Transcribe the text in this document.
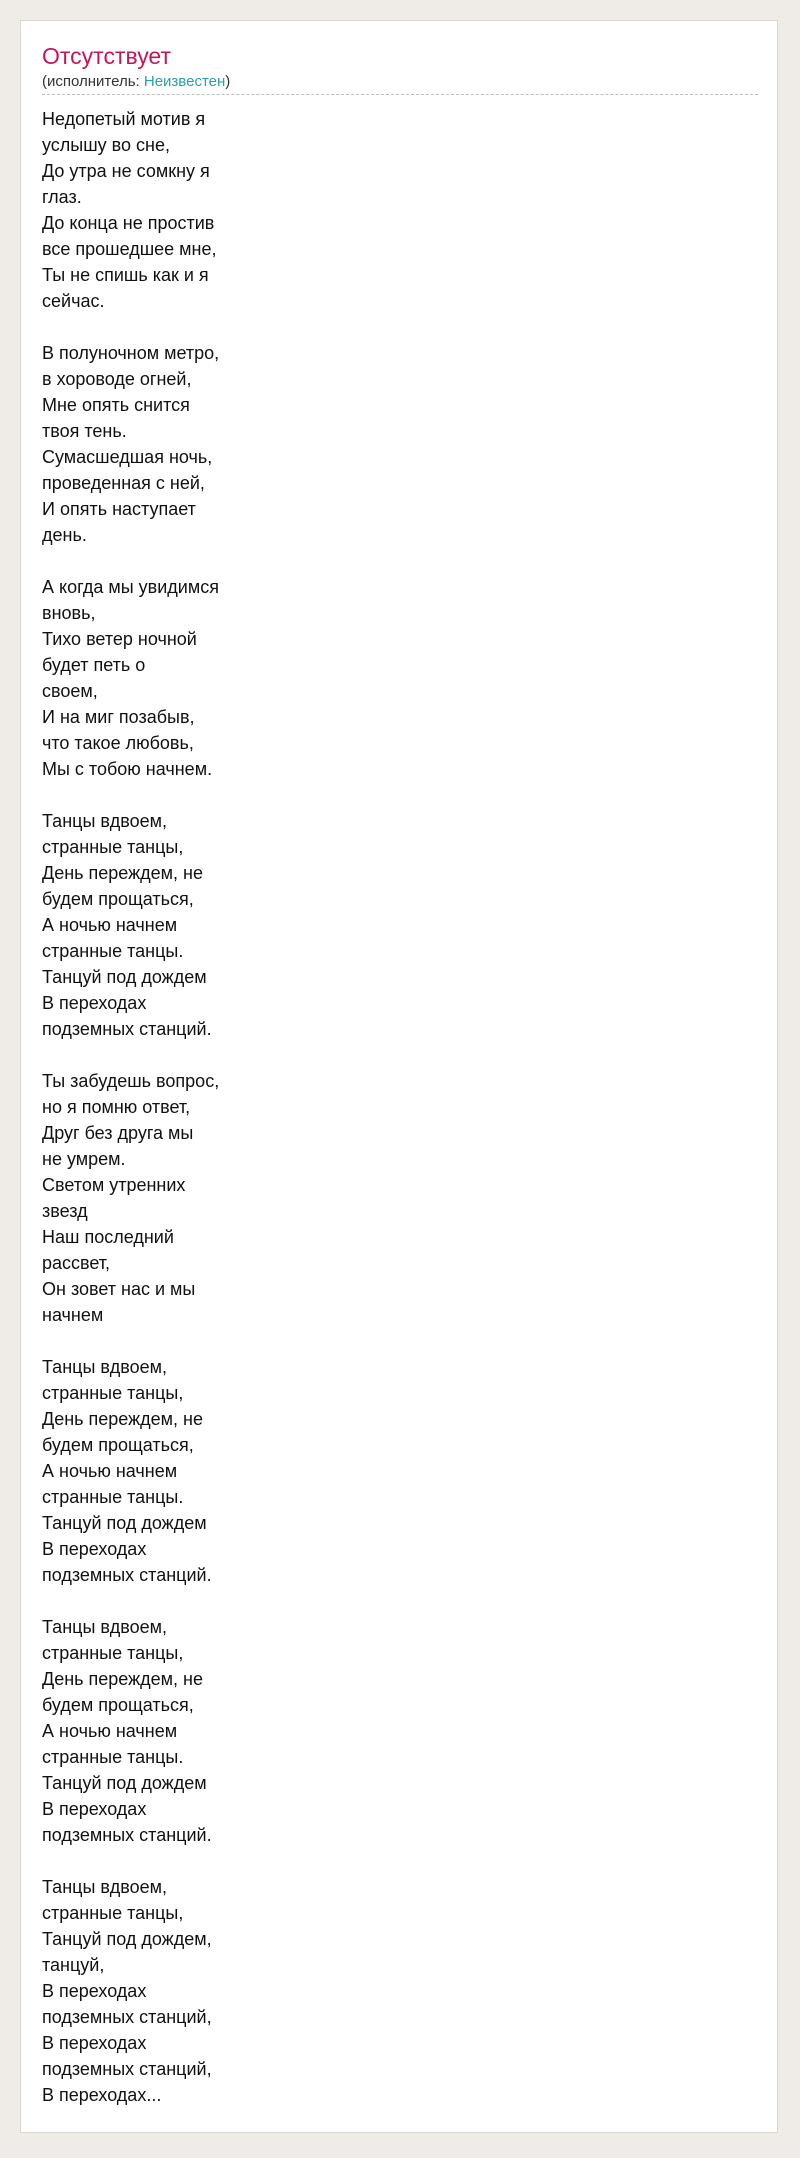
Отсутствует
(исполнитель: Неизвестен)
Недопетый мотив я
услышу во сне,
До утра не сомкну я
глаз.
До конца не простив
все прошедшее мне,
Ты не спишь как и я
сейчас.

В полуночном метро,
в хороводе огней,
Мне опять снится
твоя тень.
Сумасшедшая ночь,
проведенная с ней,
И опять наступает
день.

А когда мы увидимся
вновь,
Тихо ветер ночной
будет петь о
своем,
И на миг позабыв,
что такое любовь,
Мы с тобою начнем.

Танцы вдвоем,
странные танцы,
День переждем, не
будем прощаться,
А ночью начнем
странные танцы.
Танцуй под дождем
В переходах
подземных станций.

Ты забудешь вопрос,
но я помню ответ,
Друг без друга мы
не умрем.
Светом утренних
звезд
Наш последний
рассвет,
Он зовет нас и мы
начнем

Танцы вдвоем,
странные танцы,
День переждем, не
будем прощаться,
А ночью начнем
странные танцы.
Танцуй под дождем
В переходах
подземных станций.

Танцы вдвоем,
странные танцы,
День переждем, не
будем прощаться,
А ночью начнем
странные танцы.
Танцуй под дождем
В переходах
подземных станций.

Танцы вдвоем,
странные танцы,
Танцуй под дождем,
танцуй,
В переходах
подземных станций,
В переходах
подземных станций,
В переходах...
